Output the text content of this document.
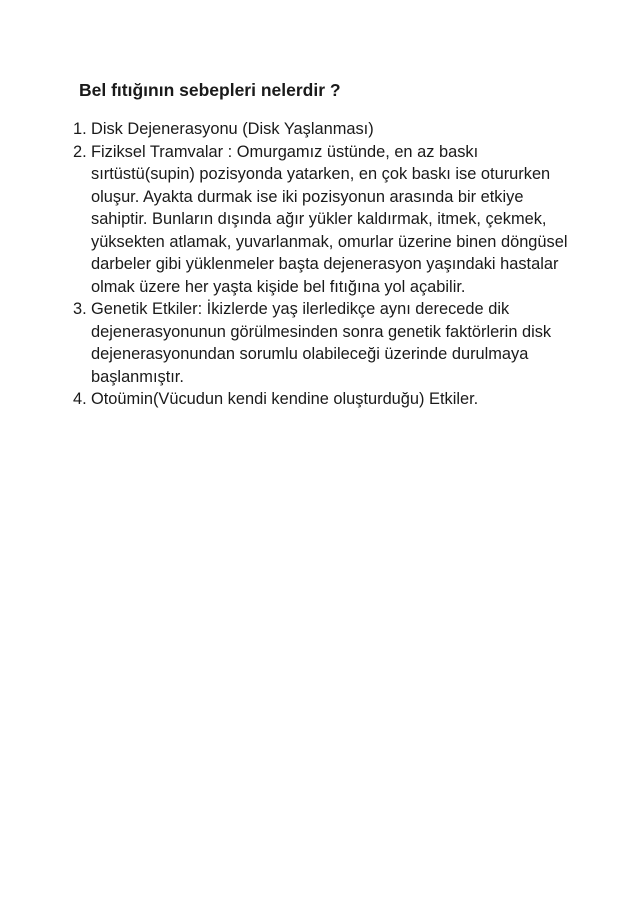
Bel fıtığının sebepleri nelerdir ?
1. Disk Dejenerasyonu (Disk Yaşlanması)
2. Fiziksel Tramvalar : Omurgamız üstünde, en az baskı sırtüstü(supin) pozisyonda yatarken, en çok baskı ise otururken oluşur. Ayakta durmak ise iki pozisyonun arasında bir etkiye sahiptir. Bunların dışında ağır yükler kaldırmak, itmek, çekmek, yüksekten atlamak, yuvarlanmak, omurlar üzerine binen döngüsel darbeler gibi yüklenmeler başta dejenerasyon yaşındaki hastalar olmak üzere her yaşta kişide bel fıtığına yol açabilir.
3. Genetik Etkiler: İkizlerde yaş ilerledikçe aynı derecede dik dejenerasyonunun görülmesinden sonra genetik faktörlerin disk dejenerasyonundan sorumlu olabileceği üzerinde durulmaya başlanmıştır.
4. Otoümin(Vücudun kendi kendine oluşturduğu) Etkiler.
